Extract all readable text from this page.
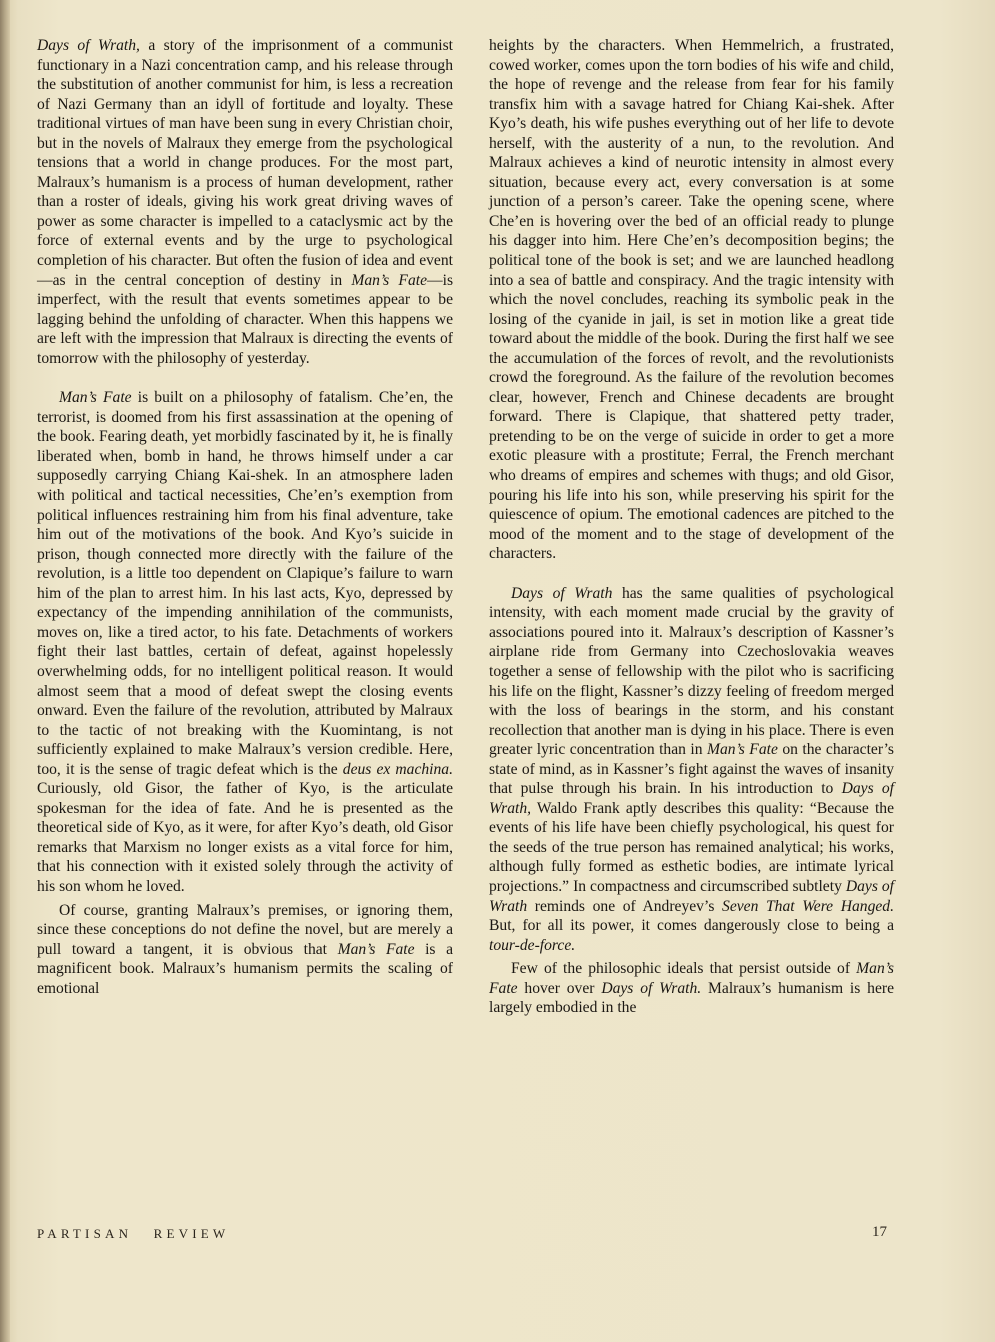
Days of Wrath, a story of the imprisonment of a communist functionary in a Nazi concentration camp, and his release through the substitution of another communist for him, is less a recreation of Nazi Germany than an idyll of fortitude and loyalty. These traditional virtues of man have been sung in every Christian choir, but in the novels of Malraux they emerge from the psychological tensions that a world in change produces. For the most part, Malraux’s humanism is a process of human development, rather than a roster of ideals, giving his work great driving waves of power as some character is impelled to a cataclysmic act by the force of external events and by the urge to psychological completion of his character. But often the fusion of idea and event—as in the central conception of destiny in Man’s Fate—is imperfect, with the result that events sometimes appear to be lagging behind the unfolding of character. When this happens we are left with the impression that Malraux is directing the events of tomorrow with the philosophy of yesterday.

Man’s Fate is built on a philosophy of fatalism. Che’en, the terrorist, is doomed from his first assassination at the opening of the book. Fearing death, yet morbidly fascinated by it, he is finally liberated when, bomb in hand, he throws himself under a car supposedly carrying Chiang Kai-shek. In an atmosphere laden with political and tactical necessities, Che’en’s exemption from political influences restraining him from his final adventure, take him out of the motivations of the book. And Kyo’s suicide in prison, though connected more directly with the failure of the revolution, is a little too dependent on Clapique’s failure to warn him of the plan to arrest him. In his last acts, Kyo, depressed by expectancy of the impending annihilation of the communists, moves on, like a tired actor, to his fate. Detachments of workers fight their last battles, certain of defeat, against hopelessly overwhelming odds, for no intelligent political reason. It would almost seem that a mood of defeat swept the closing events onward. Even the failure of the revolution, attributed by Malraux to the tactic of not breaking with the Kuomintang, is not sufficiently explained to make Malraux’s version credible. Here, too, it is the sense of tragic defeat which is the deus ex machina. Curiously, old Gisor, the father of Kyo, is the articulate spokesman for the idea of fate. And he is presented as the theoretical side of Kyo, as it were, for after Kyo’s death, old Gisor remarks that Marxism no longer exists as a vital force for him, that his connection with it existed solely through the activity of his son whom he loved.

Of course, granting Malraux’s premises, or ignoring them, since these conceptions do not define the novel, but are merely a pull toward a tangent, it is obvious that Man’s Fate is a magnificent book. Malraux’s humanism permits the scaling of emotional

heights by the characters. When Hemmelrich, a frustrated, cowed worker, comes upon the torn bodies of his wife and child, the hope of revenge and the release from fear for his family transfix him with a savage hatred for Chiang Kai-shek. After Kyo’s death, his wife pushes everything out of her life to devote herself, with the austerity of a nun, to the revolution. And Malraux achieves a kind of neurotic intensity in almost every situation, because every act, every conversation is at some junction of a person’s career. Take the opening scene, where Che’en is hovering over the bed of an official ready to plunge his dagger into him. Here Che’en’s decomposition begins; the political tone of the book is set; and we are launched headlong into a sea of battle and conspiracy. And the tragic intensity with which the novel concludes, reaching its symbolic peak in the losing of the cyanide in jail, is set in motion like a great tide toward about the middle of the book. During the first half we see the accumulation of the forces of revolt, and the revolutionists crowd the foreground. As the failure of the revolution becomes clear, however, French and Chinese decadents are brought forward. There is Clapique, that shattered petty trader, pretending to be on the verge of suicide in order to get a more exotic pleasure with a prostitute; Ferral, the French merchant who dreams of empires and schemes with thugs; and old Gisor, pouring his life into his son, while preserving his spirit for the quiescence of opium. The emotional cadences are pitched to the mood of the moment and to the stage of development of the characters.

Days of Wrath has the same qualities of psychological intensity, with each moment made crucial by the gravity of associations poured into it. Malraux’s description of Kassner’s airplane ride from Germany into Czechoslovakia weaves together a sense of fellowship with the pilot who is sacrificing his life on the flight, Kassner’s dizzy feeling of freedom merged with the loss of bearings in the storm, and his constant recollection that another man is dying in his place. There is even greater lyric concentration than in Man’s Fate on the character’s state of mind, as in Kassner’s fight against the waves of insanity that pulse through his brain. In his introduction to Days of Wrath, Waldo Frank aptly describes this quality: “Because the events of his life have been chiefly psychological, his quest for the seeds of the true person has remained analytical; his works, although fully formed as esthetic bodies, are intimate lyrical projections.” In compactness and circumscribed subtlety Days of Wrath reminds one of Andreyev’s Seven That Were Hanged. But, for all its power, it comes dangerously close to being a tour-de-force.

Few of the philosophic ideals that persist outside of Man’s Fate hover over Days of Wrath. Malraux’s humanism is here largely embodied in the

PARTISAN REVIEW	17
